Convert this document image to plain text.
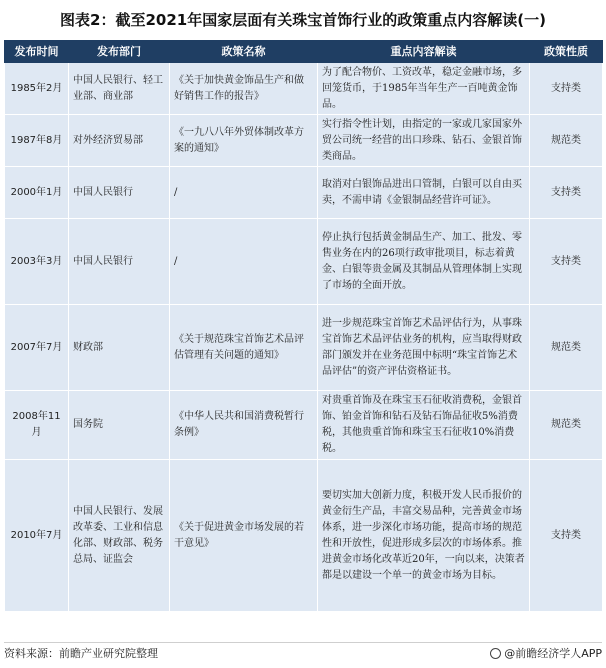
图表2：截至2021年国家层面有关珠宝首饰行业的政策重点内容解读(一)
发布时间	发布部门	政策名称	重点内容解读	政策性质
1985年2月	中国人民银行、轻工业部、商业部	《关于加快黄金饰品生产和做好销售工作的报告》	为了配合物价、工资改革，稳定金融市场，多回笼货币，于1985年当年生产一百吨黄金饰品。	支持类
1987年8月	对外经济贸易部	《一九八八年外贸体制改革方案的通知》	实行指令性计划，由指定的一家或几家国家外贸公司统一经营的出口珍珠、钻石、金银首饰类商品。	规范类
2000年1月	中国人民银行	/	取消对白银饰品进出口管制，白银可以自由买卖，不需申请《金银制品经营许可证》。	支持类
2003年3月	中国人民银行	/	停止执行包括黄金制品生产、加工、批发、零售业务在内的26项行政审批项目，标志着黄金、白银等贵金属及其制品从管理体制上实现了市场的全面开放。	支持类
2007年7月	财政部	《关于规范珠宝首饰艺术品评估管理有关问题的通知》	进一步规范珠宝首饰艺术品评估行为，从事珠宝首饰艺术品评估业务的机构，应当取得财政部门颁发并在业务范围中标明“珠宝首饰艺术品评估”的资产评估资格证书。	规范类
2008年11月	国务院	《中华人民共和国消费税暂行条例》	对贵重首饰及在珠宝玉石征收消费税，金银首饰、铂金首饰和钻石及钻石饰品征收5%消费税，其他贵重首饰和珠宝玉石征收10%消费税。	规范类
2010年7月	中国人民银行、发展改革委、工业和信息化部、财政部、税务总局、证监会	《关于促进黄金市场发展的若干意见》	要切实加大创新力度，积极开发人民币报价的黄金衍生产品，丰富交易品种，完善黄金市场体系，进一步深化市场功能，提高市场的规范性和开放性，促进形成多层次的市场体系。推进黄金市场化改革近20年，一向以来，决策者都是以建设一个单一的黄金市场为目标。	支持类
资料来源：前瞻产业研究院整理	@前瞻经济学人APP
